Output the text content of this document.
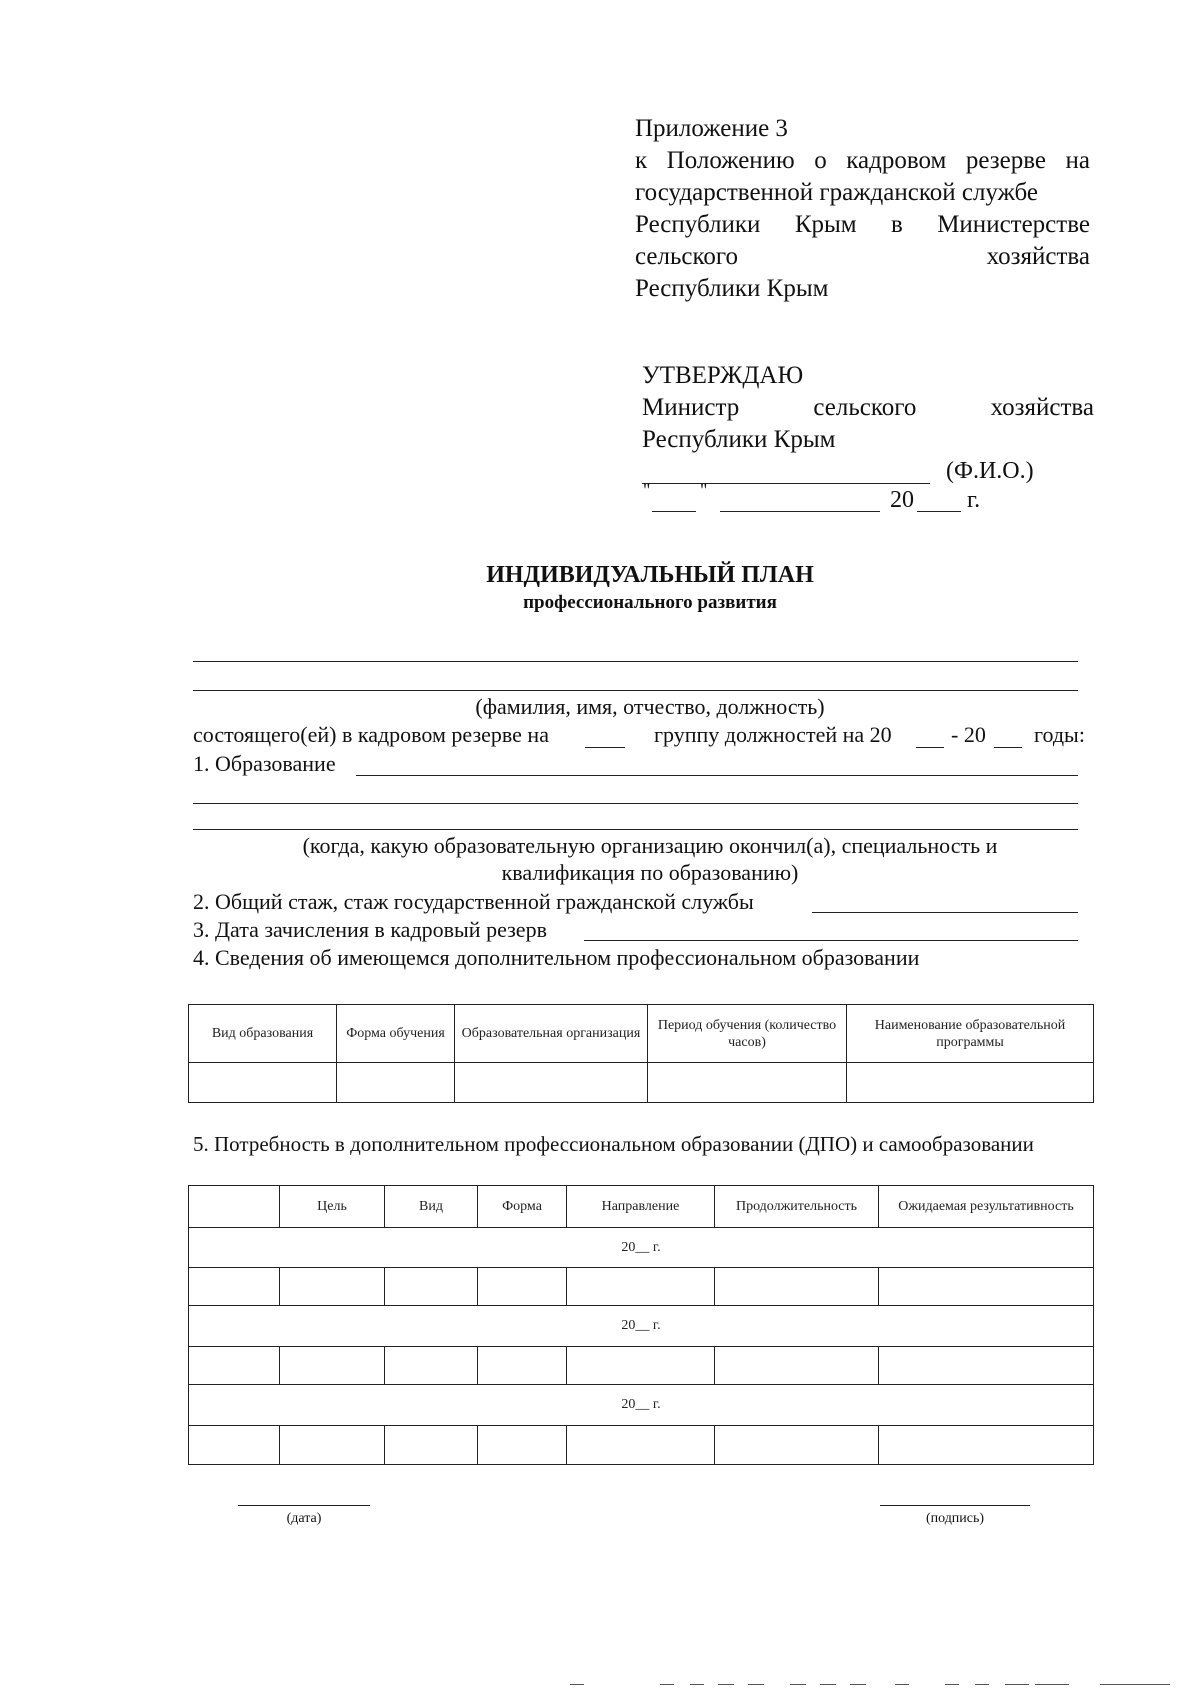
Приложение 3
к Положению о кадровом резерве на
государственной гражданской службе
Республики Крым в Министерстве
сельского	хозяйства
Республики Крым
УТВЕРЖДАЮ
Министр	сельского	хозяйства
Республики Крым
(Ф.И.О.)
"	"	20 г.
ИНДИВИДУАЛЬНЫЙ ПЛАН
профессионального развития
(фамилия, имя, отчество, должность)
состоящего(ей) в кадровом резерве на	группу должностей на 20	- 20 годы:
1. Образование
(когда, какую образовательную организацию окончил(а), специальность и
квалификация по образованию)
2. Общий стаж, стаж государственной гражданской службы
3. Дата зачисления в кадровый резерв
4. Сведения об имеющемся дополнительном профессиональном образовании
Вид образования	Форма обучения	Образовательная организация	Период обучения (количество часов)	Наименование образовательной программы

5. Потребность в дополнительном профессиональном образовании (ДПО) и самообразовании
	Цель	Вид	Форма	Направление	Продолжительность	Ожидаемая результативность
20__ г.						

20__ г.						

20__ г.						

(дата)	(подпись)
